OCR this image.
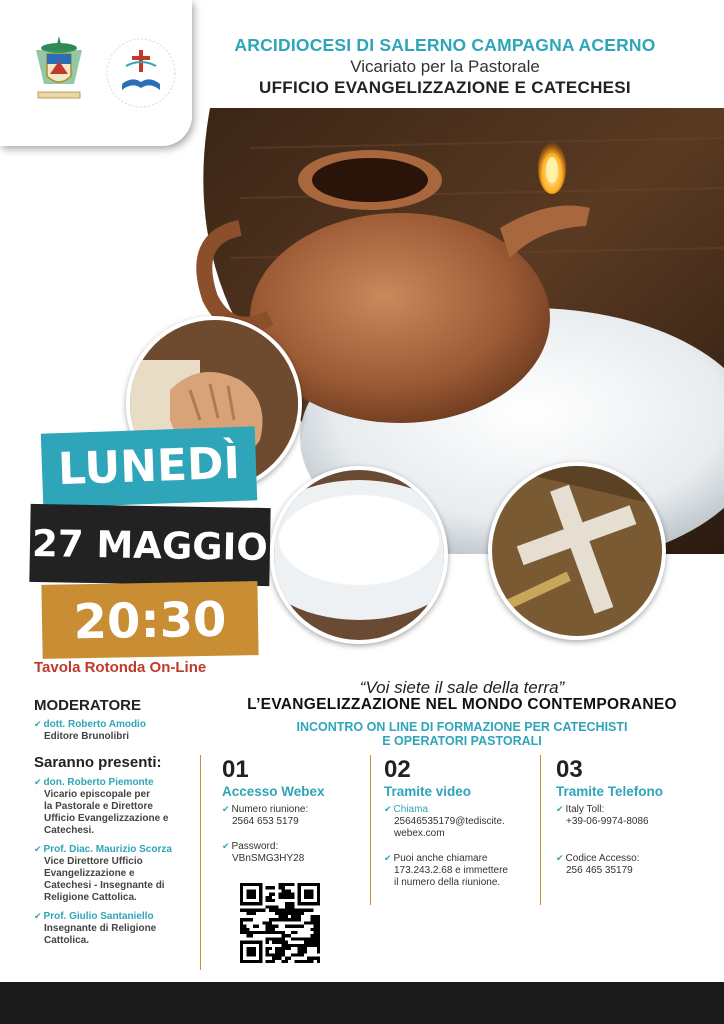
ARCIDIOCESI DI SALERNO CAMPAGNA ACERNO
Vicariato per la Pastorale
UFFICIO EVANGELIZZAZIONE E CATECHESI
LUNEDÌ
27 MAGGIO
20:30
Tavola Rotonda On-Line
“Voi siete il sale della terra”
L’EVANGELIZZAZIONE NEL MONDO CONTEMPORANEO
INCONTRO ON LINE DI FORMAZIONE PER CATECHISTI
E OPERATORI PASTORALI
MODERATORE
✔ dott. Roberto Amodio
Editore Brunolibri
Saranno presenti:
✔ don. Roberto Piemonte
Vicario episcopale per
la Pastorale e Direttore
Ufficio Evangelizzazione e
Catechesi.
✔ Prof. Diac. Maurizio Scorza
Vice Direttore Ufficio
Evangelizzazione e
Catechesi - Insegnante di
Religione Cattolica.
✔ Prof. Giulio Santaniello
Insegnante di Religione
Cattolica.
01
Accesso Webex
✔ Numero riunione:
2564 653 5179
✔ Password:
VBnSMG3HY28
02
Tramite video
✔ Chiama
25646535179@tediscite.
webex.com
✔ Puoi anche chiamare
173.243.2.68 e immettere
il numero della riunione.
03
Tramite Telefono
✔ Italy Toll:
+39-06-9974-8086
✔ Codice Accesso:
256 465 35179
